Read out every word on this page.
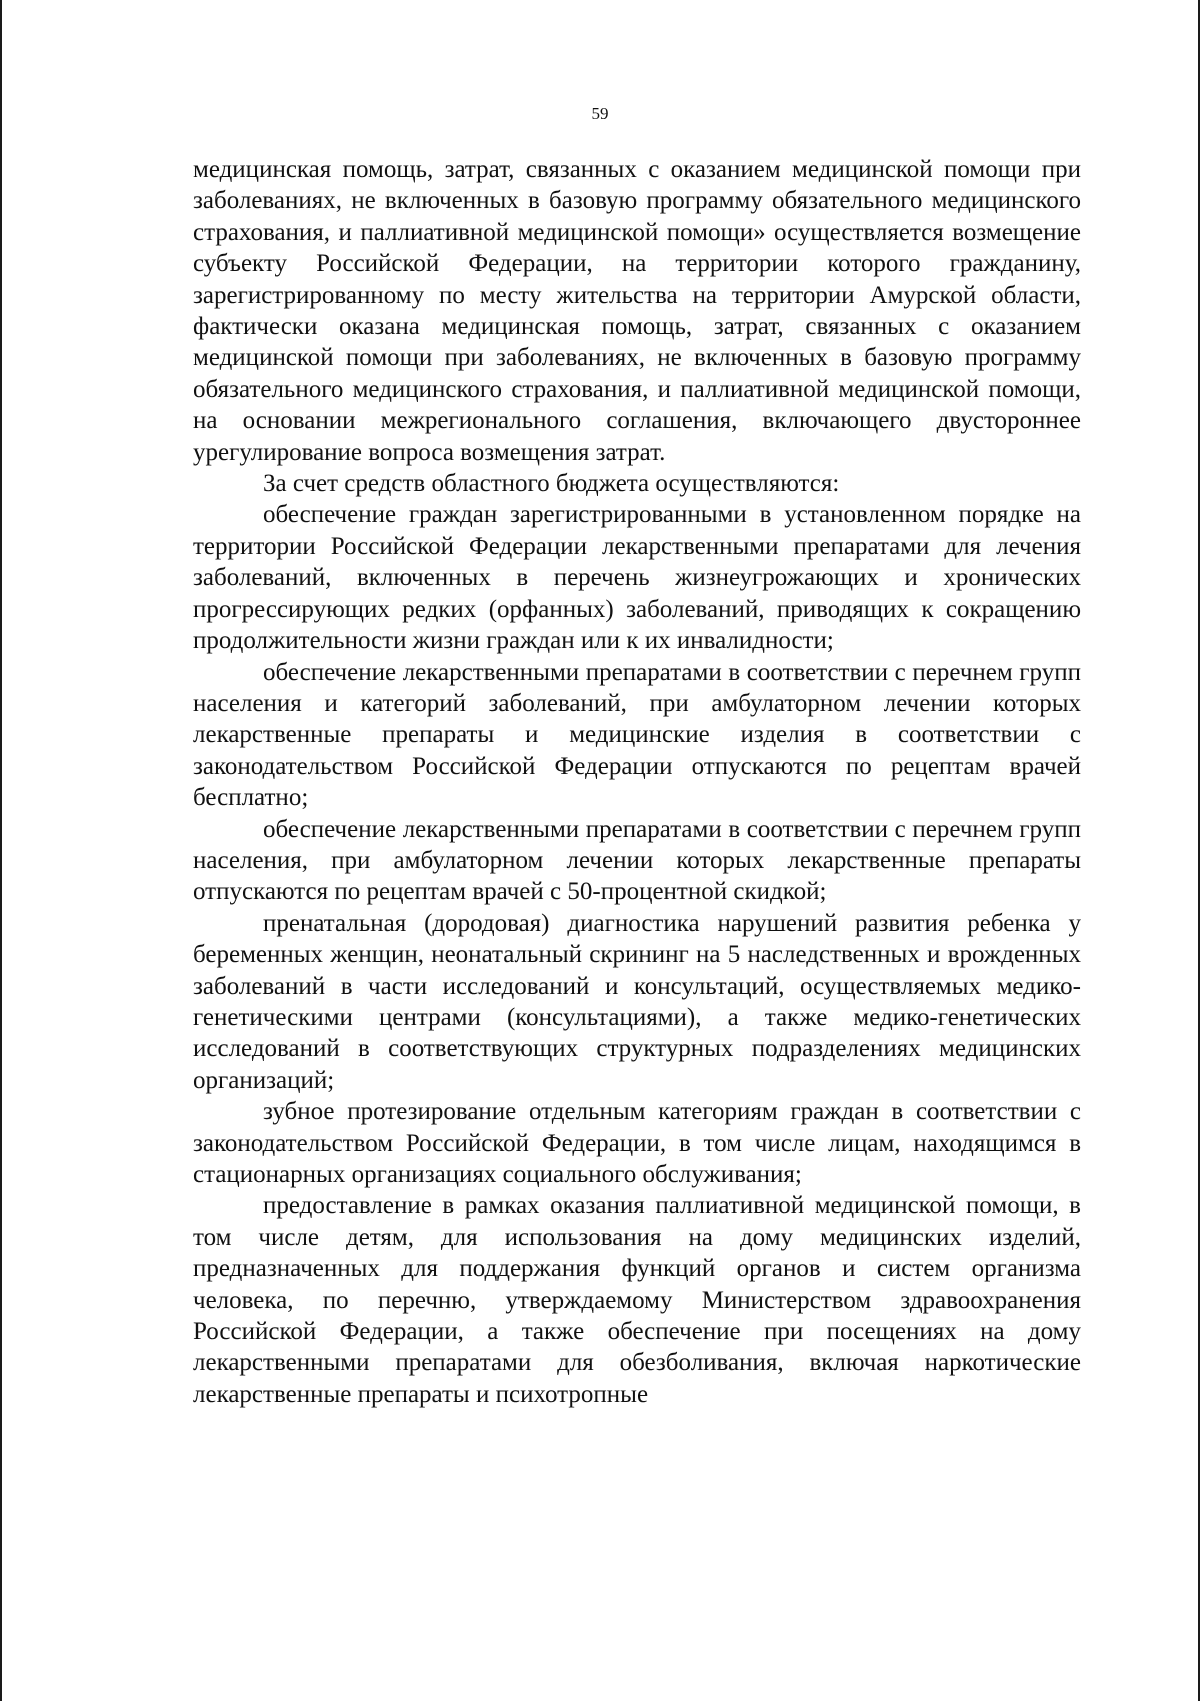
59

медицинская помощь, затрат, связанных с оказанием медицинской помощи при заболеваниях, не включенных в базовую программу обязательного медицинского страхования, и паллиативной медицинской помощи» осуществляется возмещение субъекту Российской Федерации, на территории которого гражданину, зарегистрированному по месту жительства на территории Амурской области, фактически оказана медицинская помощь, затрат, связанных с оказанием медицинской помощи при заболеваниях, не включенных в базовую программу обязательного медицинского страхования, и паллиативной медицинской помощи, на основании межрегионального соглашения, включающего двустороннее урегулирование вопроса возмещения затрат.

За счет средств областного бюджета осуществляются:

обеспечение граждан зарегистрированными в установленном порядке на территории Российской Федерации лекарственными препаратами для лечения заболеваний, включенных в перечень жизнеугрожающих и хронических прогрессирующих редких (орфанных) заболеваний, приводящих к сокращению продолжительности жизни граждан или к их инвалидности;

обеспечение лекарственными препаратами в соответствии с перечнем групп населения и категорий заболеваний, при амбулаторном лечении которых лекарственные препараты и медицинские изделия в соответствии с законодательством Российской Федерации отпускаются по рецептам врачей бесплатно;

обеспечение лекарственными препаратами в соответствии с перечнем групп населения, при амбулаторном лечении которых лекарственные препараты отпускаются по рецептам врачей с 50-процентной скидкой;

пренатальная (дородовая) диагностика нарушений развития ребенка у беременных женщин, неонатальный скрининг на 5 наследственных и врожденных заболеваний в части исследований и консультаций, осуществляемых медико-генетическими центрами (консультациями), а также медико-генетических исследований в соответствующих структурных подразделениях медицинских организаций;

зубное протезирование отдельным категориям граждан в соответствии с законодательством Российской Федерации, в том числе лицам, находящимся в стационарных организациях социального обслуживания;

предоставление в рамках оказания паллиативной медицинской помощи, в том числе детям, для использования на дому медицинских изделий, предназначенных для поддержания функций органов и систем организма человека, по перечню, утверждаемому Министерством здравоохранения Российской Федерации, а также обеспечение при посещениях на дому лекарственными препаратами для обезболивания, включая наркотические лекарственные препараты и психотропные
